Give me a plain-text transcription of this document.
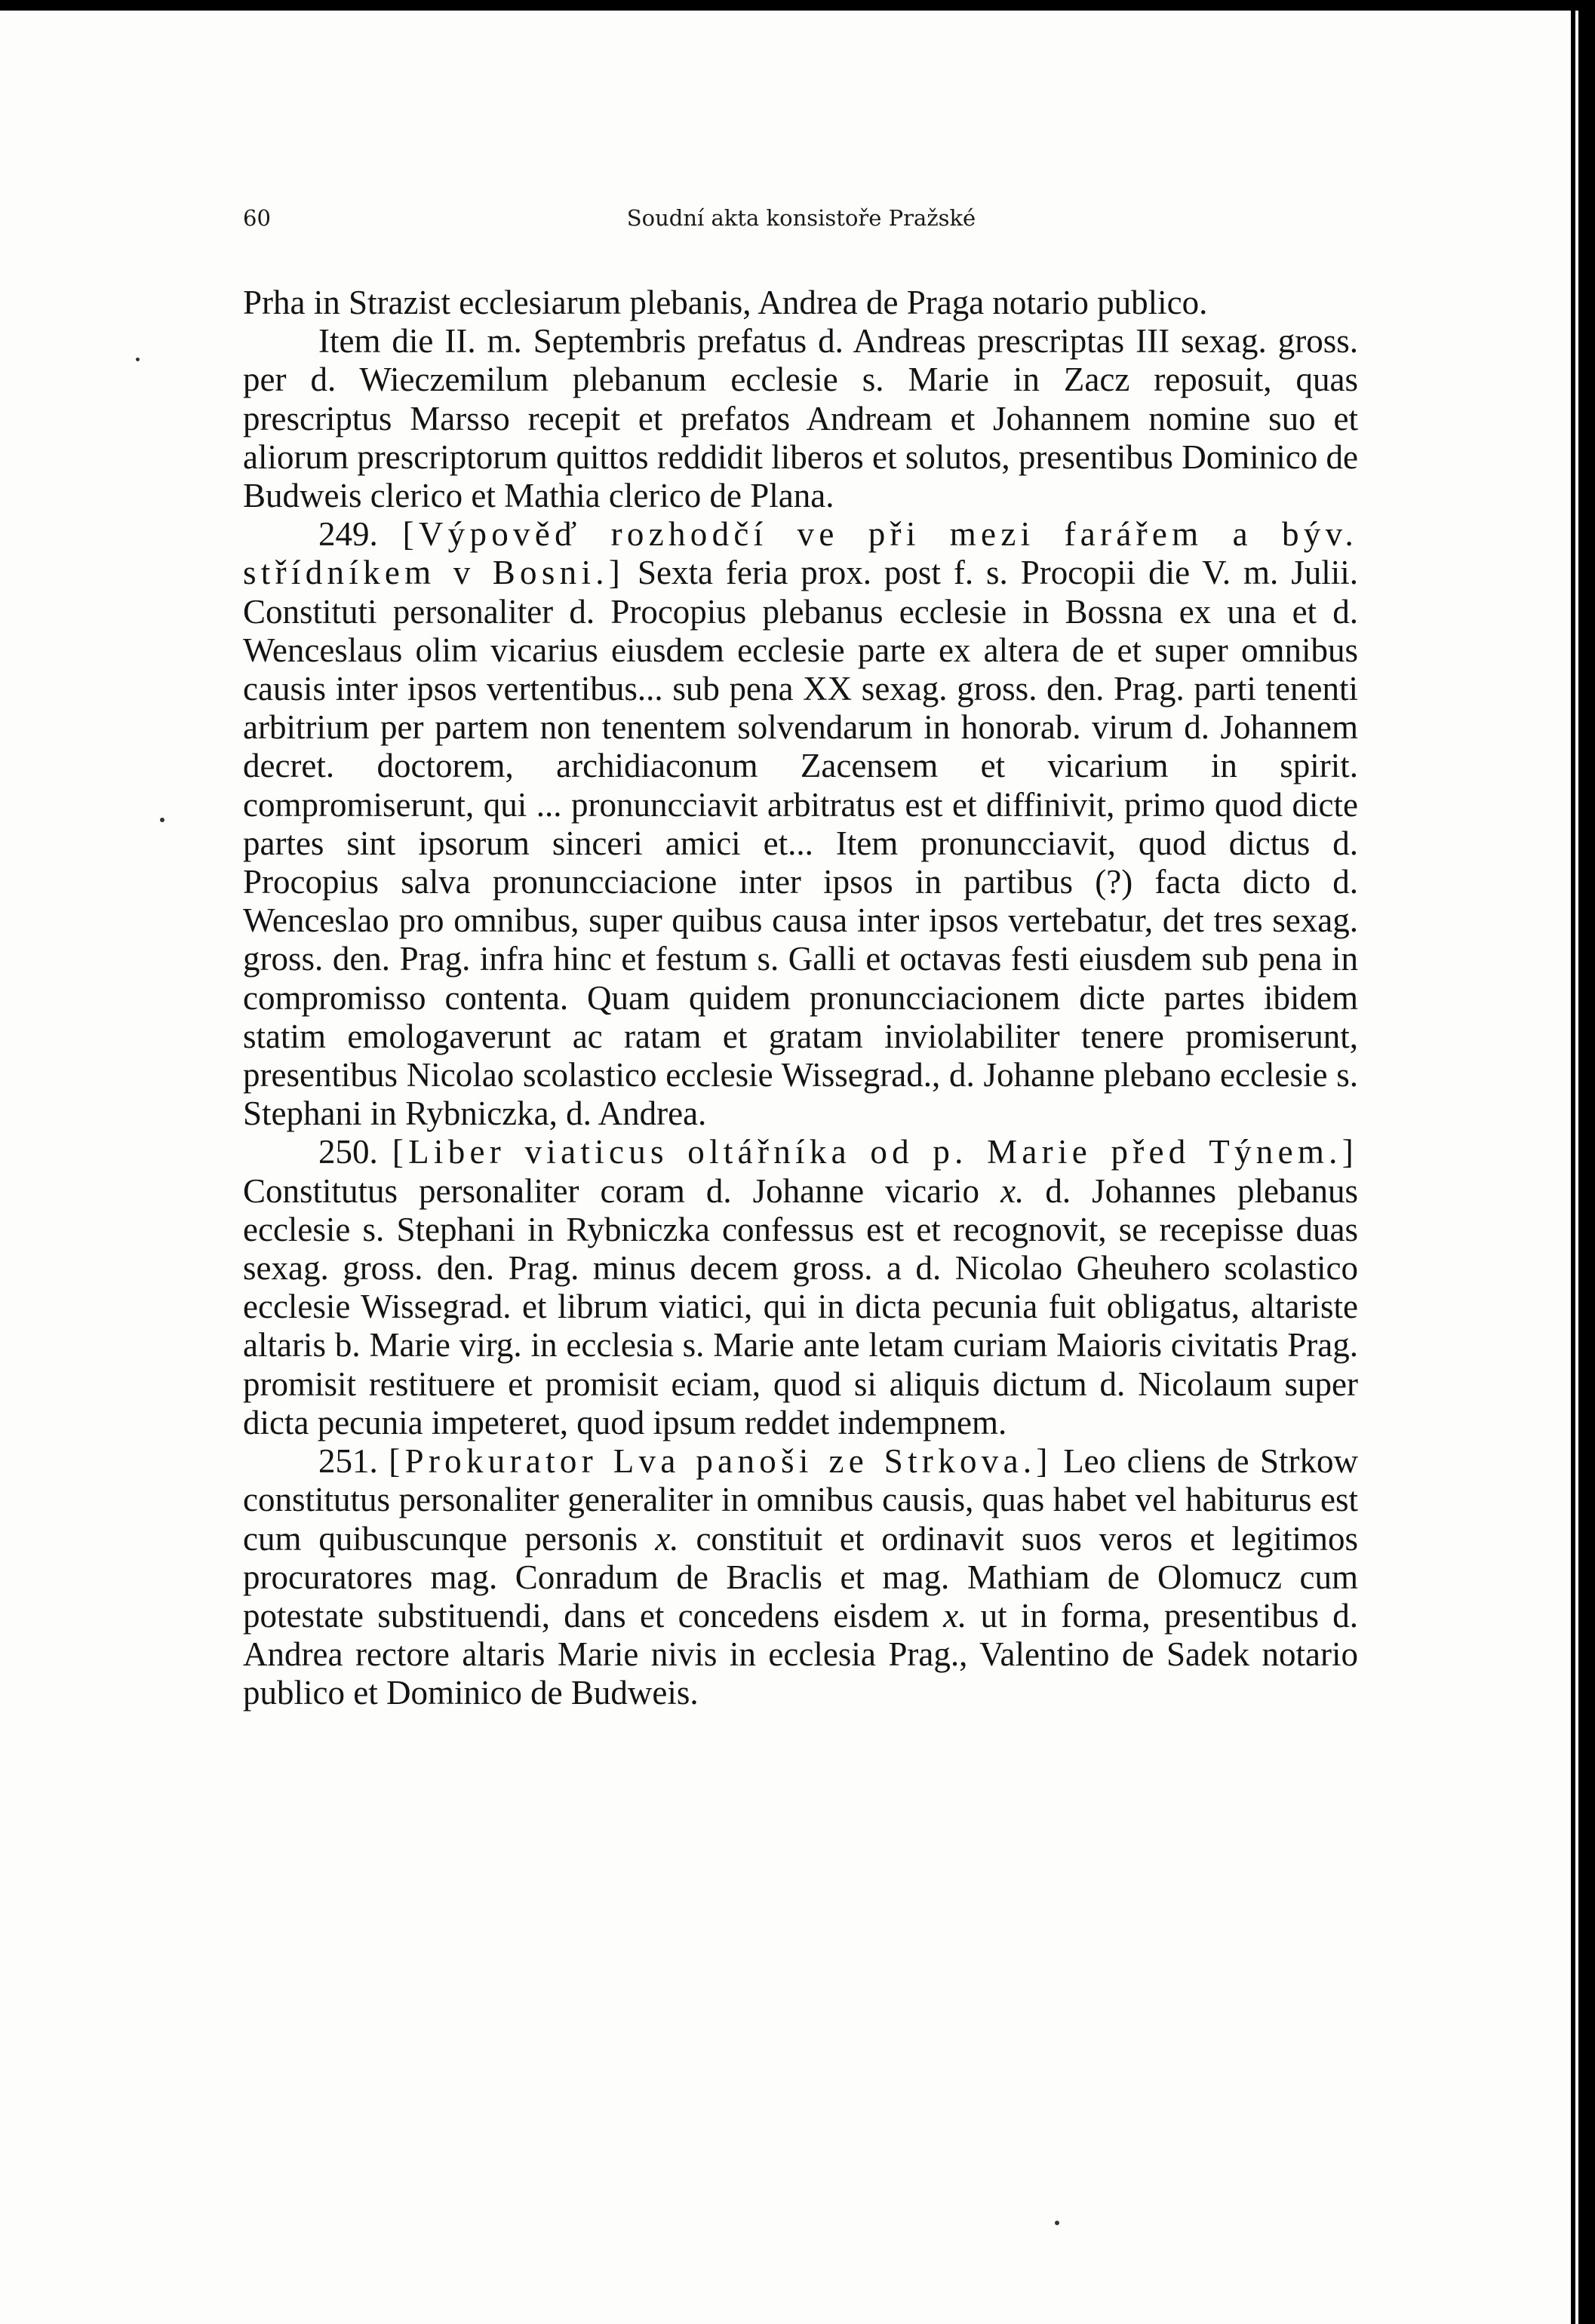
60	Soudní akta konsistoře Pražské

Prha in Strazist ecclesiarum plebanis, Andrea de Praga notario publico.

Item die II. m. Septembris prefatus d. Andreas prescriptas III sexag. gross. per d. Wieczemilum plebanum ecclesie s. Marie in Zacz reposuit, quas prescriptus Marsso recepit et prefatos Andream et Johannem nomine suo et aliorum prescriptorum quittos reddidit liberos et solutos, presentibus Dominico de Budweis clerico et Mathia clerico de Plana.

249. [Výpověď rozhodčí ve při mezi farářem a býv. střídníkem v Bosni.] Sexta feria prox. post f. s. Procopii die V. m. Julii. Constituti personaliter d. Procopius plebanus ecclesie in Bossna ex una et d. Wenceslaus olim vicarius eiusdem ecclesie parte ex altera de et super omnibus causis inter ipsos vertentibus... sub pena XX sexag. gross. den. Prag. parti tenenti arbitrium per partem non tenentem solvendarum in honorab. virum d. Johannem decret. doctorem, archidiaconum Zacensem et vicarium in spirit. compromiserunt, qui ... pronuncciavit arbitratus est et diffinivit, primo quod dicte partes sint ipsorum sinceri amici et... Item pronuncciavit, quod dictus d. Procopius salva pronuncciacione inter ipsos in partibus (?) facta dicto d. Wenceslao pro omnibus, super quibus causa inter ipsos vertebatur, det tres sexag. gross. den. Prag. infra hinc et festum s. Galli et octavas festi eiusdem sub pena in compromisso contenta. Quam quidem pronuncciacionem dicte partes ibidem statim emologaverunt ac ratam et gratam inviolabiliter tenere promiserunt, presentibus Nicolao scolastico ecclesie Wissegrad., d. Johanne plebano ecclesie s. Stephani in Rybniczka, d. Andrea.

250. [Liber viaticus oltářníka od p. Marie před Týnem.] Constitutus personaliter coram d. Johanne vicario x. d. Johannes plebanus ecclesie s. Stephani in Rybniczka confessus est et recognovit, se recepisse duas sexag. gross. den. Prag. minus decem gross. a d. Nicolao Gheuhero scolastico ecclesie Wissegrad. et librum viatici, qui in dicta pecunia fuit obligatus, altariste altaris b. Marie virg. in ecclesia s. Marie ante letam curiam Maioris civitatis Prag. promisit restituere et promisit eciam, quod si aliquis dictum d. Nicolaum super dicta pecunia impeteret, quod ipsum reddet indempnem.

251. [Prokurator Lva panoši ze Strkova.] Leo cliens de Strkow constitutus personaliter generaliter in omnibus causis, quas habet vel habiturus est cum quibuscunque personis x. constituit et ordinavit suos veros et legitimos procuratores mag. Conradum de Braclis et mag. Mathiam de Olomucz cum potestate substituendi, dans et concedens eisdem x. ut in forma, presentibus d. Andrea rectore altaris Marie nivis in ecclesia Prag., Valentino de Sadek notario publico et Dominico de Budweis.
